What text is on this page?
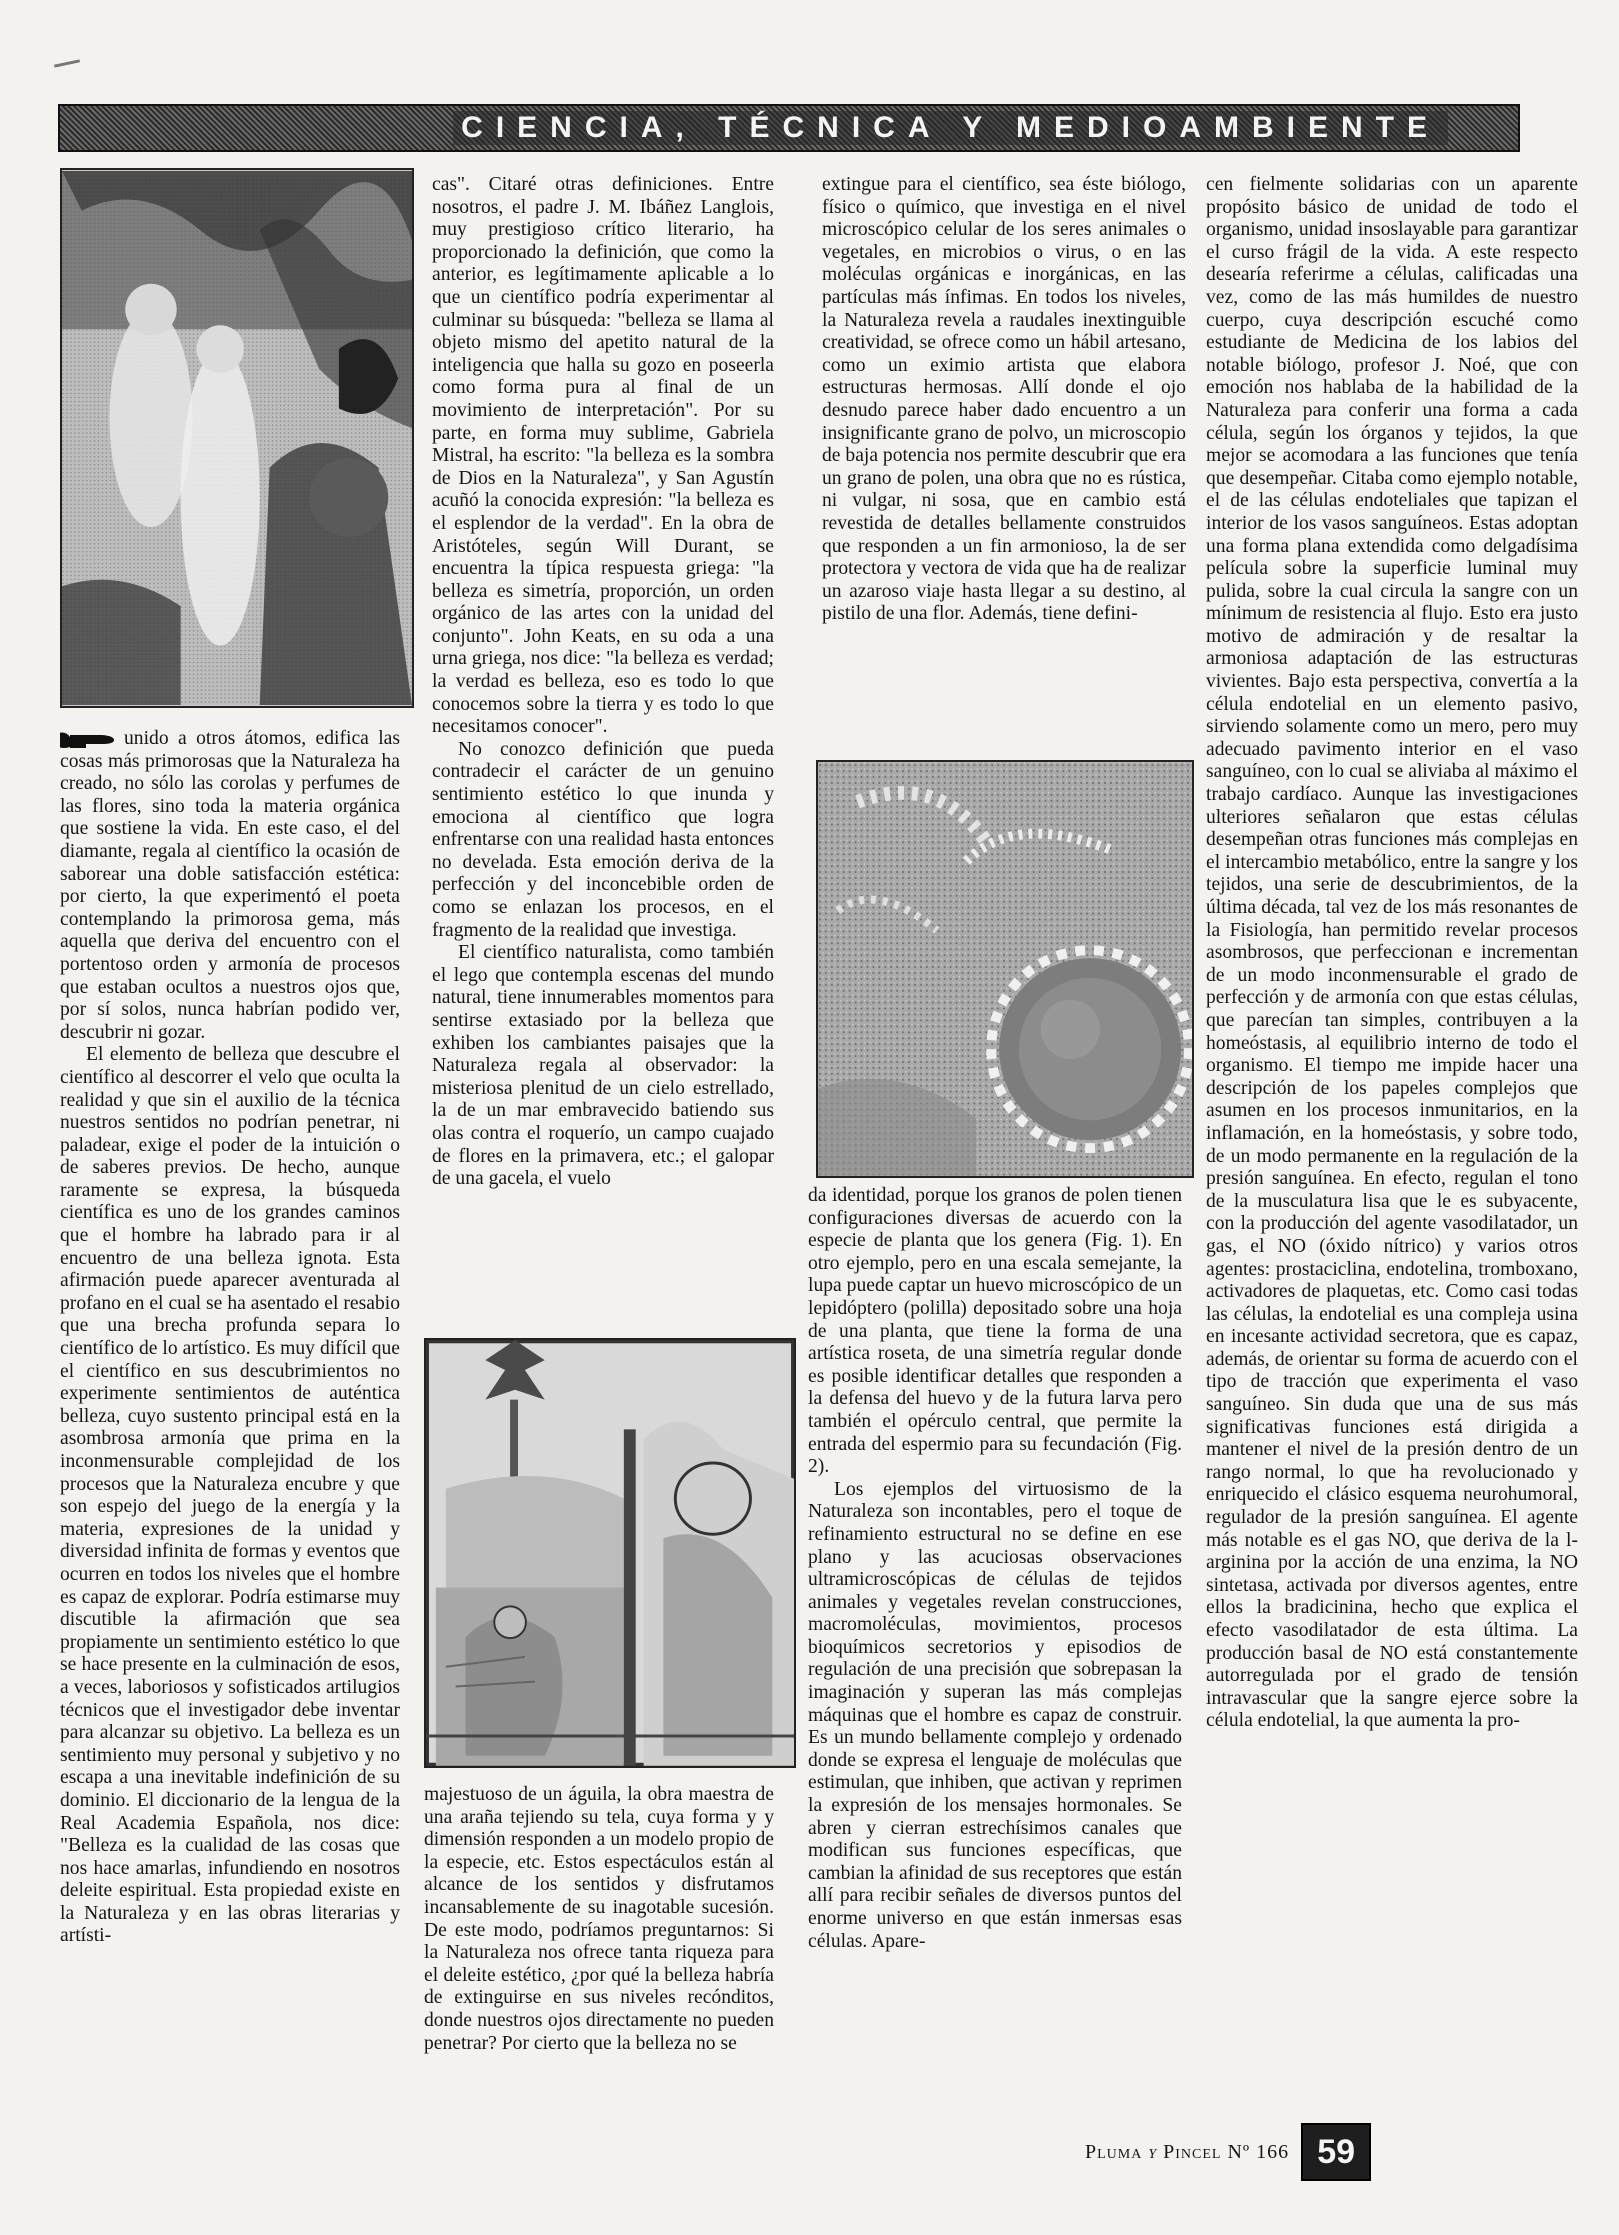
CIENCIA, TÉCNICA Y MEDIOAMBIENTE

unido a otros átomos, edifica las cosas más primorosas que la Naturaleza ha creado, no sólo las corolas y perfumes de las flores, sino toda la materia orgánica que sostiene la vida. En este caso, el del diamante, regala al científico la ocasión de saborear una doble satisfacción estética: por cierto, la que experimentó el poeta contemplando la primorosa gema, más aquella que deriva del encuentro con el portentoso orden y armonía de procesos que estaban ocultos a nuestros ojos que, por sí solos, nunca habrían podido ver, descubrir ni gozar.

El elemento de belleza que descubre el científico al descorrer el velo que oculta la realidad y que sin el auxilio de la técnica nuestros sentidos no podrían penetrar, ni paladear, exige el poder de la intuición o de saberes previos. De hecho, aunque raramente se expresa, la búsqueda científica es uno de los grandes caminos que el hombre ha labrado para ir al encuentro de una belleza ignota. Esta afirmación puede aparecer aventurada al profano en el cual se ha asentado el resabio que una brecha profunda separa lo científico de lo artístico. Es muy difícil que el científico en sus descubrimientos no experimente sentimientos de auténtica belleza, cuyo sustento principal está en la asombrosa armonía que prima en la inconmensurable complejidad de los procesos que la Naturaleza encubre y que son espejo del juego de la energía y la materia, expresiones de la unidad y diversidad infinita de formas y eventos que ocurren en todos los niveles que el hombre es capaz de explorar. Podría estimarse muy discutible la afirmación que sea propiamente un sentimiento estético lo que se hace presente en la culminación de esos, a veces, laboriosos y sofisticados artilugios técnicos que el investigador debe inventar para alcanzar su objetivo. La belleza es un sentimiento muy personal y subjetivo y no escapa a una inevitable indefinición de su dominio. El diccionario de la lengua de la Real Academia Española, nos dice: "Belleza es la cualidad de las cosas que nos hace amarlas, infundiendo en nosotros deleite espiritual. Esta propiedad existe en la Naturaleza y en las obras literarias y artísti-

cas". Citaré otras definiciones. Entre nosotros, el padre J. M. Ibáñez Langlois, muy prestigioso crítico literario, ha proporcionado la definición, que como la anterior, es legítimamente aplicable a lo que un científico podría experimentar al culminar su búsqueda: "belleza se llama al objeto mismo del apetito natural de la inteligencia que halla su gozo en poseerla como forma pura al final de un movimiento de interpretación". Por su parte, en forma muy sublime, Gabriela Mistral, ha escrito: "la belleza es la sombra de Dios en la Naturaleza", y San Agustín acuñó la conocida expresión: "la belleza es el esplendor de la verdad". En la obra de Aristóteles, según Will Durant, se encuentra la típica respuesta griega: "la belleza es simetría, proporción, un orden orgánico de las artes con la unidad del conjunto". John Keats, en su oda a una urna griega, nos dice: "la belleza es verdad; la verdad es belleza, eso es todo lo que conocemos sobre la tierra y es todo lo que necesitamos conocer".

No conozco definición que pueda contradecir el carácter de un genuino sentimiento estético lo que inunda y emociona al científico que logra enfrentarse con una realidad hasta entonces no develada. Esta emoción deriva de la perfección y del inconcebible orden de como se enlazan los procesos, en el fragmento de la realidad que investiga.

El científico naturalista, como también el lego que contempla escenas del mundo natural, tiene innumerables momentos para sentirse extasiado por la belleza que exhiben los cambiantes paisajes que la Naturaleza regala al observador: la misteriosa plenitud de un cielo estrellado, la de un mar embravecido batiendo sus olas contra el roquerío, un campo cuajado de flores en la primavera, etc.; el galopar de una gacela, el vuelo

majestuoso de un águila, la obra maestra de una araña tejiendo su tela, cuya forma y y dimensión responden a un modelo propio de la especie, etc. Estos espectáculos están al alcance de los sentidos y disfrutamos incansablemente de su inagotable sucesión. De este modo, podríamos preguntarnos: Si la Naturaleza nos ofrece tanta riqueza para el deleite estético, ¿por qué la belleza habría de extinguirse en sus niveles recónditos, donde nuestros ojos directamente no pueden penetrar? Por cierto que la belleza no se

extingue para el científico, sea éste biólogo, físico o químico, que investiga en el nivel microscópico celular de los seres animales o vegetales, en microbios o virus, o en las moléculas orgánicas e inorgánicas, en las partículas más ínfimas. En todos los niveles, la Naturaleza revela a raudales inextinguible creatividad, se ofrece como un hábil artesano, como un eximio artista que elabora estructuras hermosas. Allí donde el ojo desnudo parece haber dado encuentro a un insignificante grano de polvo, un microscopio de baja potencia nos permite descubrir que era un grano de polen, una obra que no es rústica, ni vulgar, ni sosa, que en cambio está revestida de detalles bellamente construidos que responden a un fin armonioso, la de ser protectora y vectora de vida que ha de realizar un azaroso viaje hasta llegar a su destino, al pistilo de una flor. Además, tiene defini-

da identidad, porque los granos de polen tienen configuraciones diversas de acuerdo con la especie de planta que los genera (Fig. 1). En otro ejemplo, pero en una escala semejante, la lupa puede captar un huevo microscópico de un lepidóptero (polilla) depositado sobre una hoja de una planta, que tiene la forma de una artística roseta, de una simetría regular donde es posible identificar detalles que responden a la defensa del huevo y de la futura larva pero también el opérculo central, que permite la entrada del espermio para su fecundación (Fig. 2).

Los ejemplos del virtuosismo de la Naturaleza son incontables, pero el toque de refinamiento estructural no se define en ese plano y las acuciosas observaciones ultramicroscópicas de células de tejidos animales y vegetales revelan construcciones, macromoléculas, movimientos, procesos bioquímicos secretorios y episodios de regulación de una precisión que sobrepasan la imaginación y superan las más complejas máquinas que el hombre es capaz de construir. Es un mundo bellamente complejo y ordenado donde se expresa el lenguaje de moléculas que estimulan, que inhiben, que activan y reprimen la expresión de los mensajes hormonales. Se abren y cierran estrechísimos canales que modifican sus funciones específicas, que cambian la afinidad de sus receptores que están allí para recibir señales de diversos puntos del enorme universo en que están inmersas esas células. Apare-

cen fielmente solidarias con un aparente propósito básico de unidad de todo el organismo, unidad insoslayable para garantizar el curso frágil de la vida. A este respecto desearía referirme a células, calificadas una vez, como de las más humildes de nuestro cuerpo, cuya descripción escuché como estudiante de Medicina de los labios del notable biólogo, profesor J. Noé, que con emoción nos hablaba de la habilidad de la Naturaleza para conferir una forma a cada célula, según los órganos y tejidos, la que mejor se acomodara a las funciones que tenía que desempeñar. Citaba como ejemplo notable, el de las células endoteliales que tapizan el interior de los vasos sanguíneos. Estas adoptan una forma plana extendida como delgadísima película sobre la superficie luminal muy pulida, sobre la cual circula la sangre con un mínimum de resistencia al flujo. Esto era justo motivo de admiración y de resaltar la armoniosa adaptación de las estructuras vivientes. Bajo esta perspectiva, convertía a la célula endotelial en un elemento pasivo, sirviendo solamente como un mero, pero muy adecuado pavimento interior en el vaso sanguíneo, con lo cual se aliviaba al máximo el trabajo cardíaco. Aunque las investigaciones ulteriores señalaron que estas células desempeñan otras funciones más complejas en el intercambio metabólico, entre la sangre y los tejidos, una serie de descubrimientos, de la última década, tal vez de los más resonantes de la Fisiología, han permitido revelar procesos asombrosos, que perfeccionan e incrementan de un modo inconmensurable el grado de perfección y de armonía con que estas células, que parecían tan simples, contribuyen a la homeóstasis, al equilibrio interno de todo el organismo. El tiempo me impide hacer una descripción de los papeles complejos que asumen en los procesos inmunitarios, en la inflamación, en la homeóstasis, y sobre todo, de un modo permanente en la regulación de la presión sanguínea. En efecto, regulan el tono de la musculatura lisa que le es subyacente, con la producción del agente vasodilatador, un gas, el NO (óxido nítrico) y varios otros agentes: prostaciclina, endotelina, tromboxano, activadores de plaquetas, etc. Como casi todas las células, la endotelial es una compleja usina en incesante actividad secretora, que es capaz, además, de orientar su forma de acuerdo con el tipo de tracción que experimenta el vaso sanguíneo. Sin duda que una de sus más significativas funciones está dirigida a mantener el nivel de la presión dentro de un rango normal, lo que ha revolucionado y enriquecido el clásico esquema neurohumoral, regulador de la presión sanguínea. El agente más notable es el gas NO, que deriva de la l-arginina por la acción de una enzima, la NO sintetasa, activada por diversos agentes, entre ellos la bradicinina, hecho que explica el efecto vasodilatador de esta última. La producción basal de NO está constantemente autorregulada por el grado de tensión intravascular que la sangre ejerce sobre la célula endotelial, la que aumenta la pro-

Pluma y Pincel Nº 166 59
